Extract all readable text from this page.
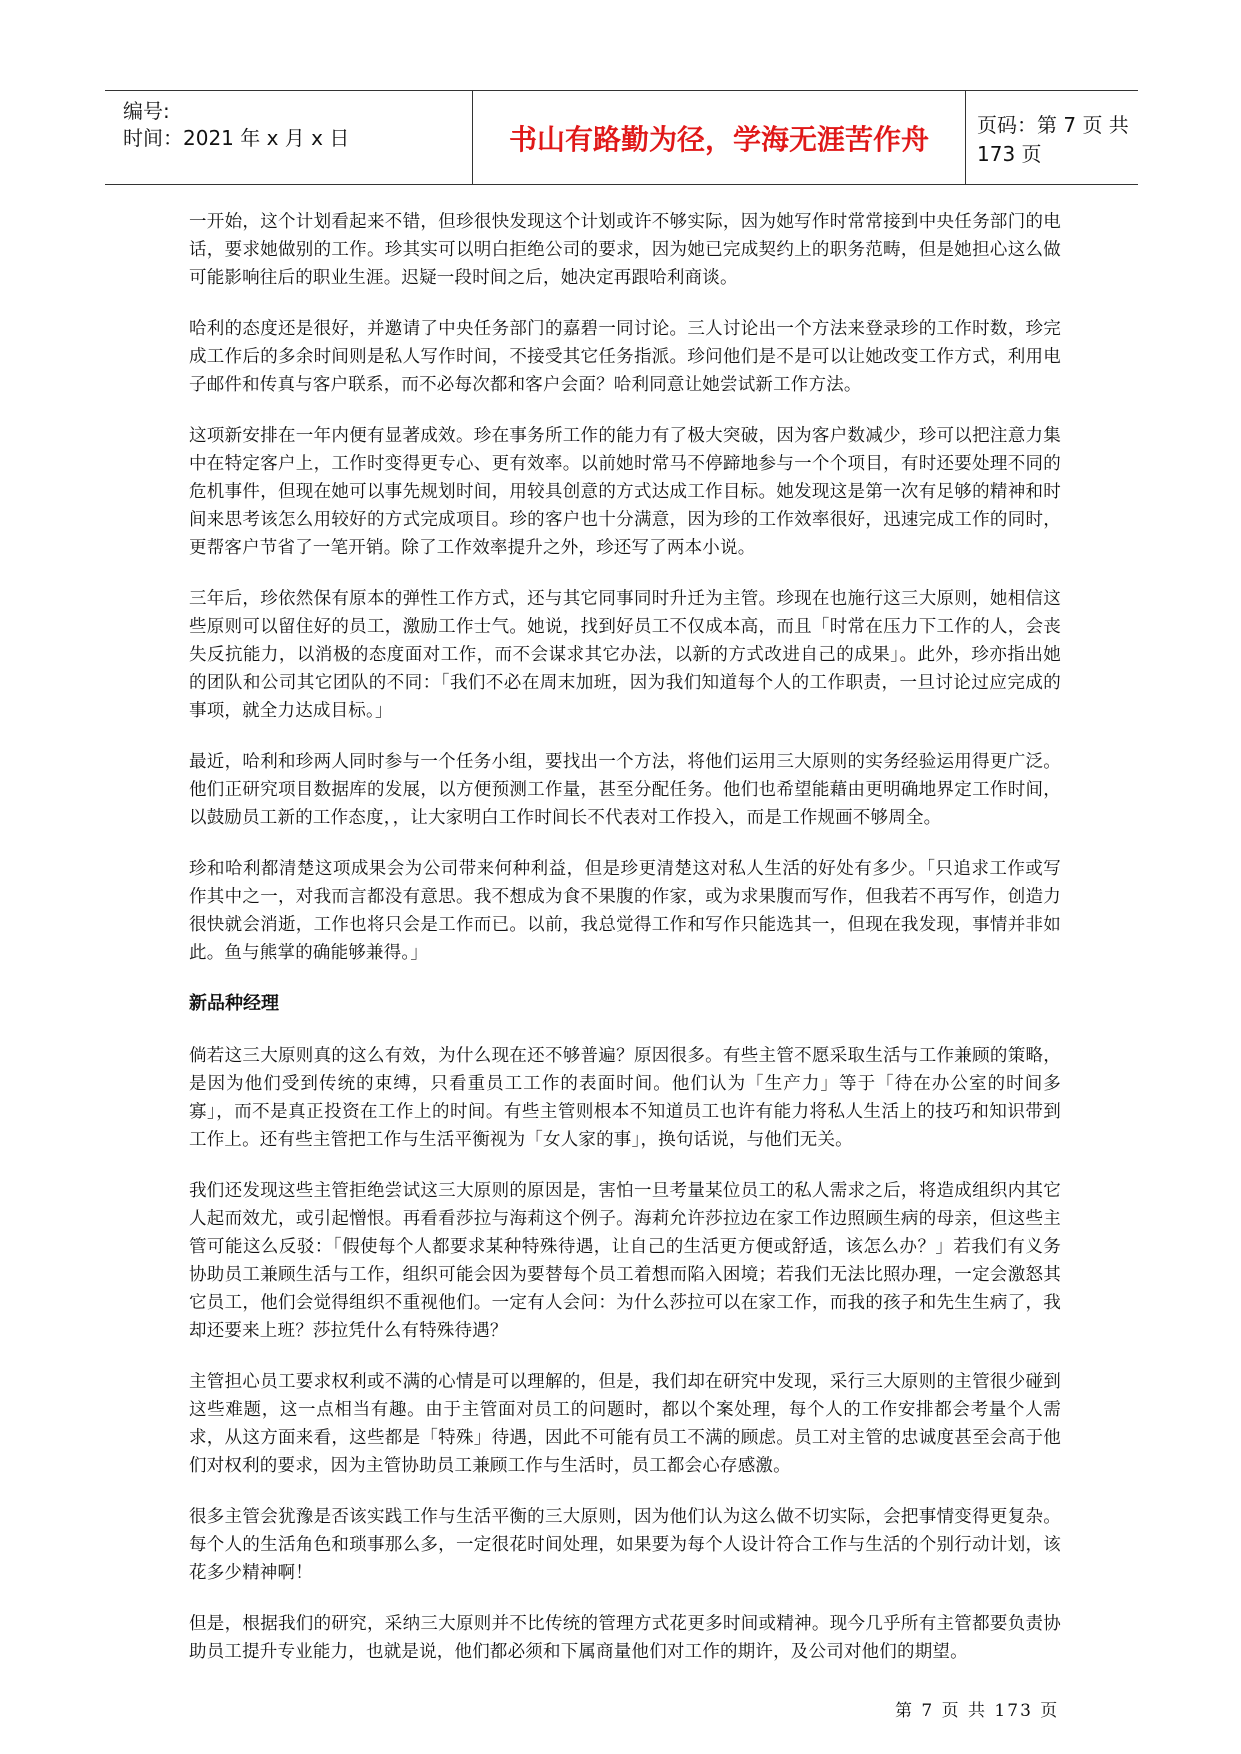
编号:
时间：2021 年 x 月 x 日	书山有路勤为径，学海无涯苦作舟	页码：第 7 页 共 173 页

一开始，这个计划看起来不错，但珍很快发现这个计划或许不够实际，因为她写作时常常接到中央任务部门的电话，要求她做别的工作。珍其实可以明白拒绝公司的要求，因为她已完成契约上的职务范畴，但是她担心这么做可能影响往后的职业生涯。迟疑一段时间之后，她决定再跟哈利商谈。

哈利的态度还是很好，并邀请了中央任务部门的嘉碧一同讨论。三人讨论出一个方法来登录珍的工作时数，珍完成工作后的多余时间则是私人写作时间，不接受其它任务指派。珍问他们是不是可以让她改变工作方式，利用电子邮件和传真与客户联系，而不必每次都和客户会面？哈利同意让她尝试新工作方法。

这项新安排在一年内便有显著成效。珍在事务所工作的能力有了极大突破，因为客户数减少，珍可以把注意力集中在特定客户上，工作时变得更专心、更有效率。以前她时常马不停蹄地参与一个个项目，有时还要处理不同的危机事件，但现在她可以事先规划时间，用较具创意的方式达成工作目标。她发现这是第一次有足够的精神和时间来思考该怎么用较好的方式完成项目。珍的客户也十分满意，因为珍的工作效率很好，迅速完成工作的同时，更帮客户节省了一笔开销。除了工作效率提升之外，珍还写了两本小说。

三年后，珍依然保有原本的弹性工作方式，还与其它同事同时升迁为主管。珍现在也施行这三大原则，她相信这些原则可以留住好的员工，激励工作士气。她说，找到好员工不仅成本高，而且「时常在压力下工作的人，会丧失反抗能力，以消极的态度面对工作，而不会谋求其它办法，以新的方式改进自己的成果」。此外，珍亦指出她的团队和公司其它团队的不同：「我们不必在周末加班，因为我们知道每个人的工作职责，一旦讨论过应完成的事项，就全力达成目标。」

最近，哈利和珍两人同时参与一个任务小组，要找出一个方法，将他们运用三大原则的实务经验运用得更广泛。他们正研究项目数据库的发展，以方便预测工作量，甚至分配任务。他们也希望能藉由更明确地界定工作时间，以鼓励员工新的工作态度，，让大家明白工作时间长不代表对工作投入，而是工作规画不够周全。

珍和哈利都清楚这项成果会为公司带来何种利益，但是珍更清楚这对私人生活的好处有多少。「只追求工作或写作其中之一，对我而言都没有意思。我不想成为食不果腹的作家，或为求果腹而写作，但我若不再写作，创造力很快就会消逝，工作也将只会是工作而已。以前，我总觉得工作和写作只能选其一，但现在我发现，事情并非如此。鱼与熊掌的确能够兼得。」

新品种经理

倘若这三大原则真的这么有效，为什么现在还不够普遍？原因很多。有些主管不愿采取生活与工作兼顾的策略，是因为他们受到传统的束缚，只看重员工工作的表面时间。他们认为「生产力」等于「待在办公室的时间多寡」，而不是真正投资在工作上的时间。有些主管则根本不知道员工也许有能力将私人生活上的技巧和知识带到工作上。还有些主管把工作与生活平衡视为「女人家的事」，换句话说，与他们无关。

我们还发现这些主管拒绝尝试这三大原则的原因是，害怕一旦考量某位员工的私人需求之后，将造成组织内其它人起而效尤，或引起憎恨。再看看莎拉与海莉这个例子。海莉允许莎拉边在家工作边照顾生病的母亲，但这些主管可能这么反驳：「假使每个人都要求某种特殊待遇，让自己的生活更方便或舒适，该怎么办？」若我们有义务协助员工兼顾生活与工作，组织可能会因为要替每个员工着想而陷入困境；若我们无法比照办理，一定会激怒其它员工，他们会觉得组织不重视他们。一定有人会问：为什么莎拉可以在家工作，而我的孩子和先生生病了，我却还要来上班？莎拉凭什么有特殊待遇？

主管担心员工要求权利或不满的心情是可以理解的，但是，我们却在研究中发现，采行三大原则的主管很少碰到这些难题，这一点相当有趣。由于主管面对员工的问题时，都以个案处理，每个人的工作安排都会考量个人需求，从这方面来看，这些都是「特殊」待遇，因此不可能有员工不满的顾虑。员工对主管的忠诚度甚至会高于他们对权利的要求，因为主管协助员工兼顾工作与生活时，员工都会心存感激。

很多主管会犹豫是否该实践工作与生活平衡的三大原则，因为他们认为这么做不切实际，会把事情变得更复杂。每个人的生活角色和琐事那么多，一定很花时间处理，如果要为每个人设计符合工作与生活的个别行动计划，该花多少精神啊！

但是，根据我们的研究，采纳三大原则并不比传统的管理方式花更多时间或精神。现今几乎所有主管都要负责协助员工提升专业能力，也就是说，他们都必须和下属商量他们对工作的期许，及公司对他们的期望。

第 7 页 共 173 页
